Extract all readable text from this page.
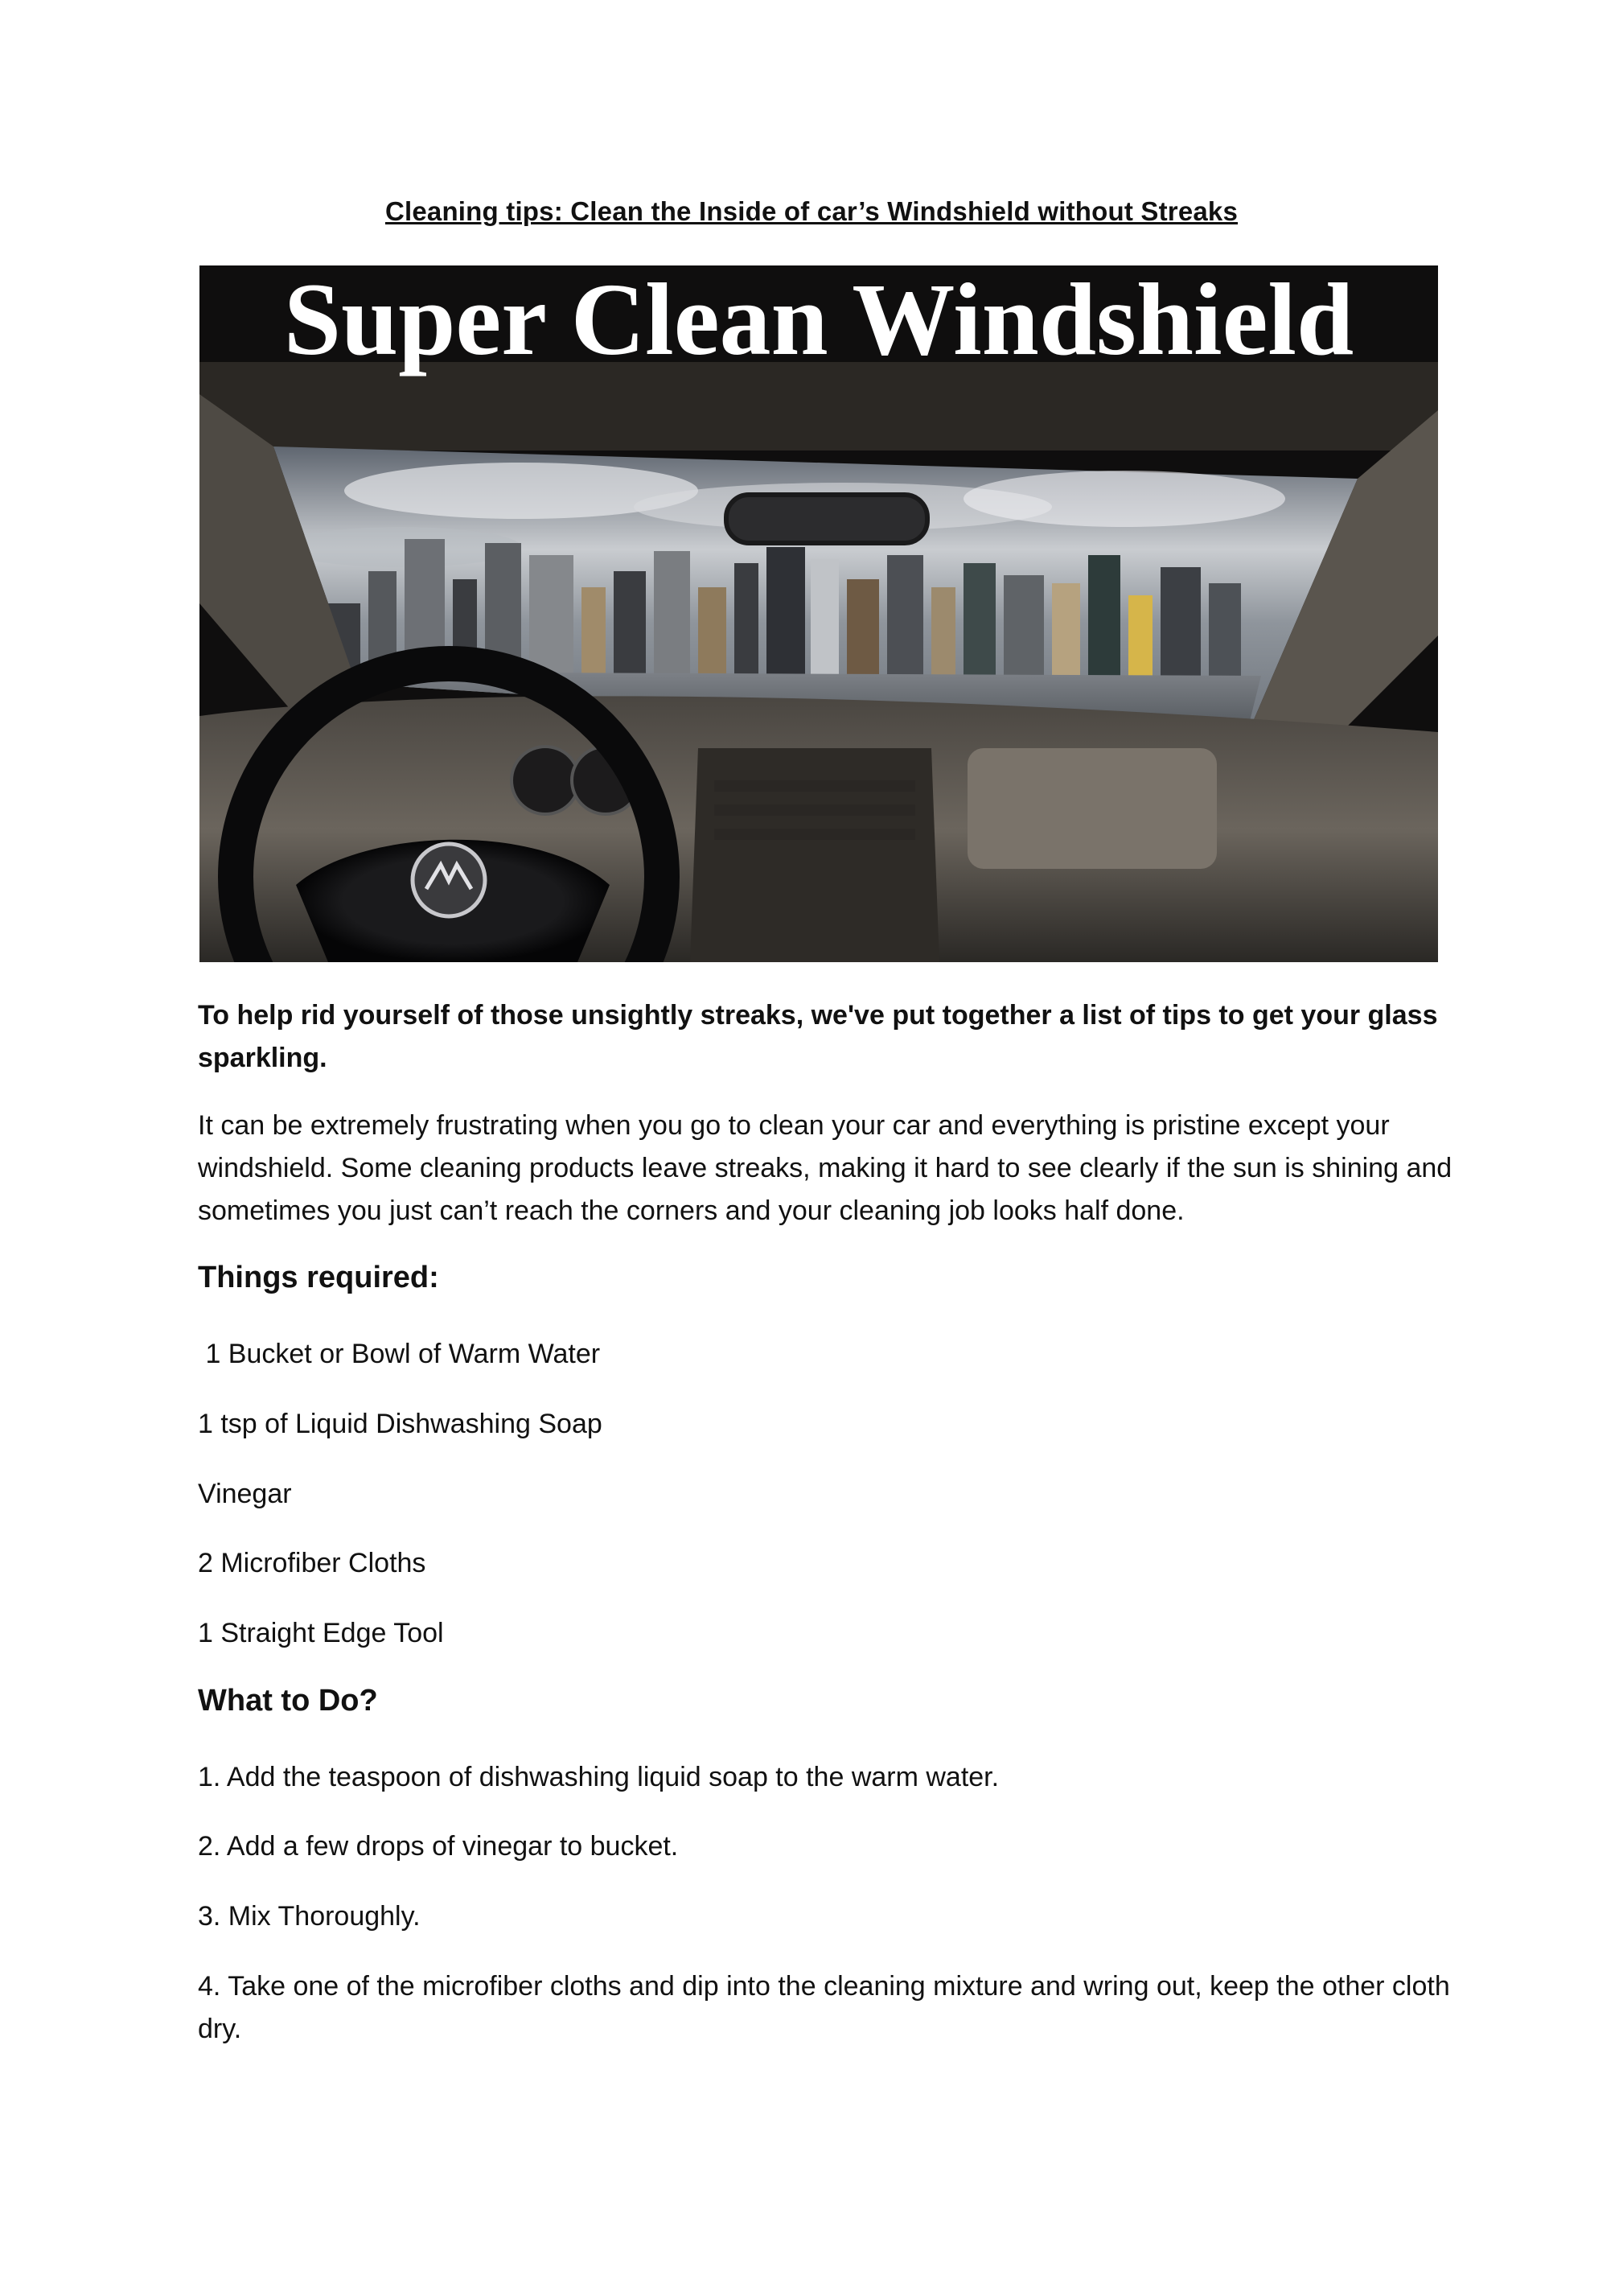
Cleaning tips: Clean the Inside of car’s Windshield without Streaks
Super Clean Windshield

To help rid yourself of those unsightly streaks, we've put together a list of tips to get your glass sparkling.

It can be extremely frustrating when you go to clean your car and everything is pristine except your windshield. Some cleaning products leave streaks, making it hard to see clearly if the sun is shining and sometimes you just can’t reach the corners and your cleaning job looks half done.

Things required:

1 Bucket or Bowl of Warm Water

1 tsp of Liquid Dishwashing Soap

Vinegar

2 Microfiber Cloths

1 Straight Edge Tool

What to Do?

1. Add the teaspoon of dishwashing liquid soap to the warm water.

2. Add a few drops of vinegar to bucket.

3. Mix Thoroughly.

4. Take one of the microfiber cloths and dip into the cleaning mixture and wring out, keep the other cloth dry.
